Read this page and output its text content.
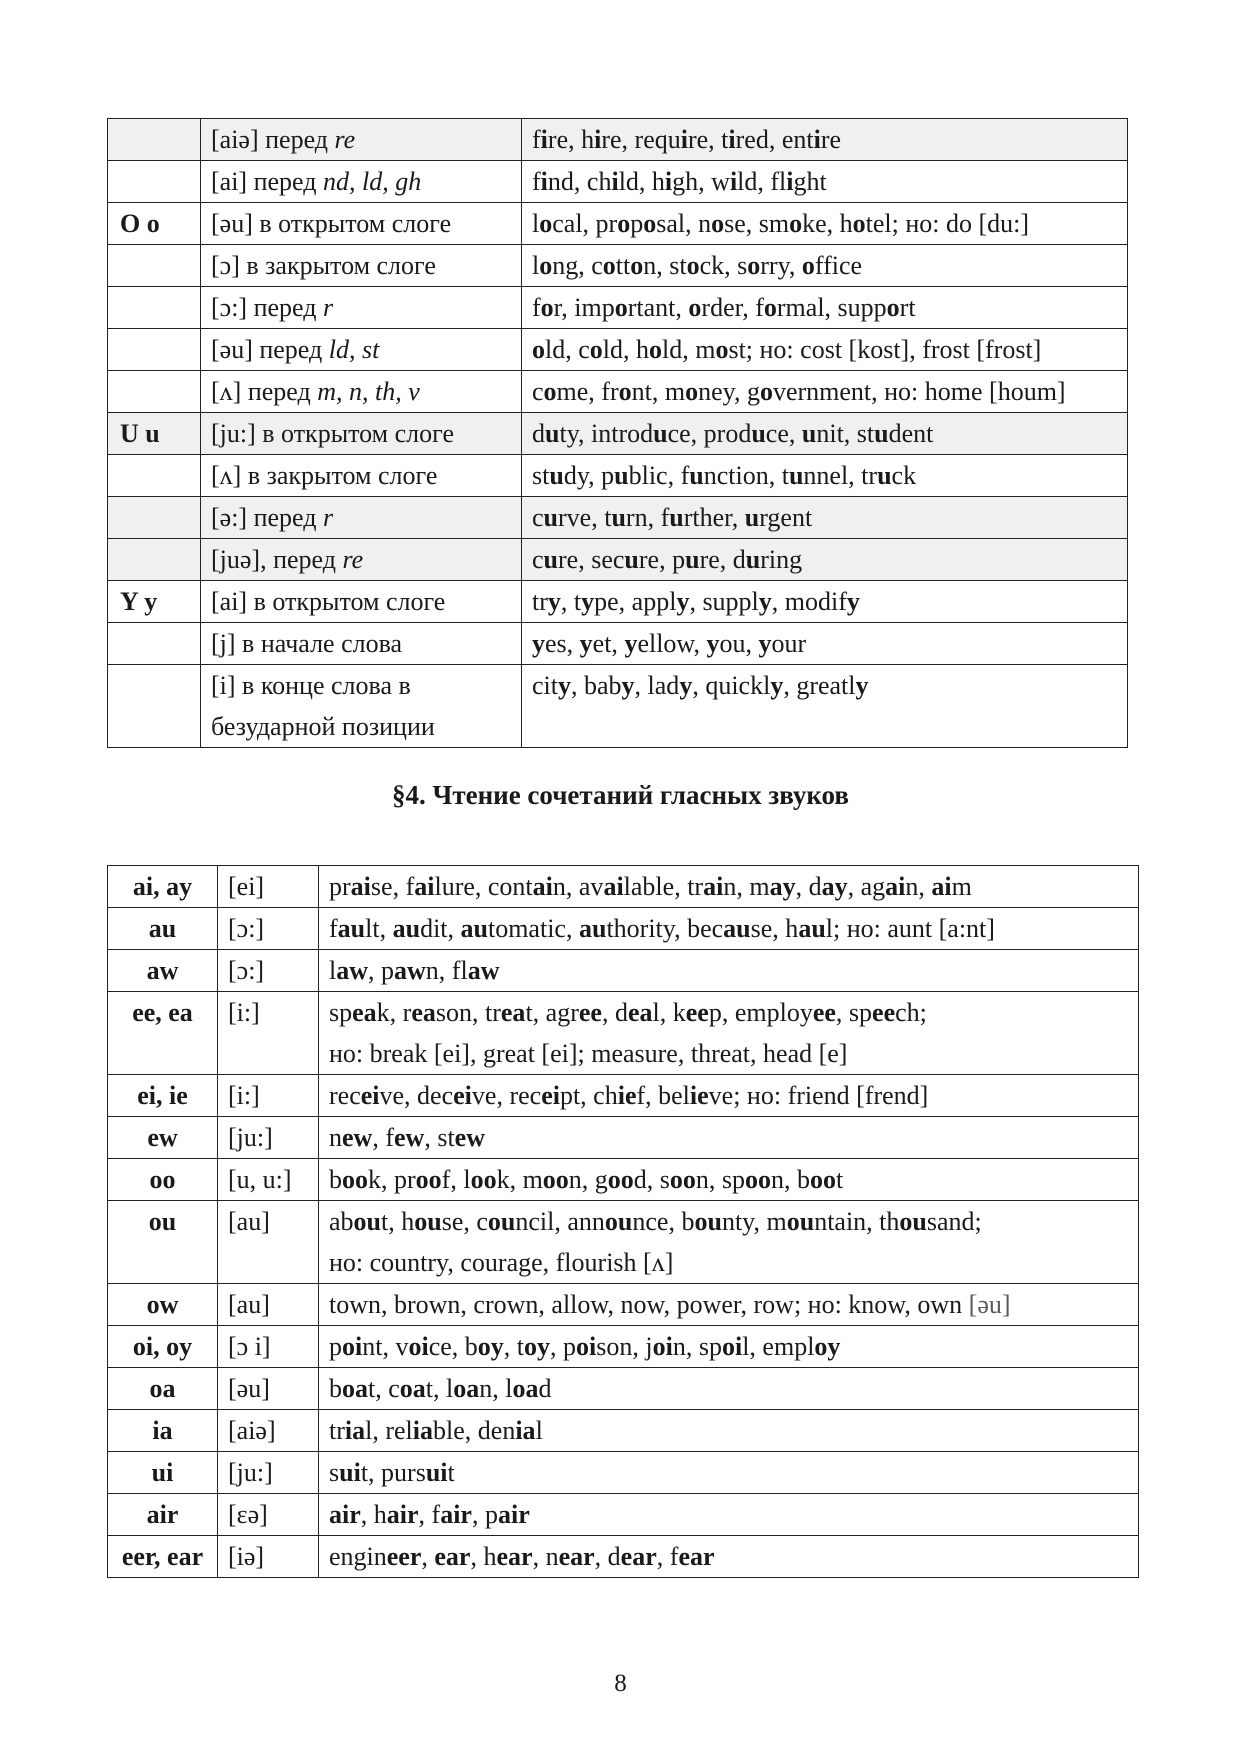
	[aiə] перед re	fire, hire, require, tired, entire
	[ai] перед nd, ld, gh	find, child, high, wild, flight
O o	[əu] в открытом слоге	local, proposal, nose, smoke, hotel; но: do [du:]
	[ɔ] в закрытом слоге	long, cotton, stock, sorry, office
	[ɔ:] перед r	for, important, order, formal, support
	[əu] перед ld, st	old, cold, hold, most; но: cost [kost], frost [frost]
	[ʌ] перед m, n, th, v	come, front, money, government, но: home [houm]
U u	[ju:] в открытом слоге	duty, introduce, produce, unit, student
	[ʌ] в закрытом слоге	study, public, function, tunnel, truck
	[ə:] перед r	curve, turn, further, urgent
	[juə], перед re	cure, secure, pure, during
Y y	[ai] в открытом слоге	try, type, apply, supply, modify
	[j] в начале слова	yes, yet, yellow, you, your
	[i] в конце слова в безударной позиции	city, baby, lady, quickly, greatly
§4. Чтение сочетаний гласных звуков
ai, ay	[ei]	praise, failure, contain, available, train, may, day, again, aim
au	[ɔ:]	fault, audit, automatic, authority, because, haul; но: aunt [a:nt]
aw	[ɔ:]	law, pawn, flaw
ee, ea	[i:]	speak, reason, treat, agree, deal, keep, employee, speech;
но: break [ei], great [ei]; measure, threat, head [e]
ei, ie	[i:]	receive, deceive, receipt, chief, believe; но: friend [frend]
ew	[ju:]	new, few, stew
oo	[u, u:]	book, proof, look, moon, good, soon, spoon, boot
ou	[au]	about, house, council, announce, bounty, mountain, thousand;
но: country, courage, flourish [ʌ]
ow	[au]	town, brown, crown, allow, now, power, row; но: know, own [əu]
oi, oy	[ɔ i]	point, voice, boy, toy, poison, join, spoil, employ
oa	[əu]	boat, coat, loan, load
ia	[aiə]	trial, reliable, denial
ui	[ju:]	suit, pursuit
air	[ɛə]	air, hair, fair, pair
eer, ear	[iə]	engineer, ear, hear, near, dear, fear
8
